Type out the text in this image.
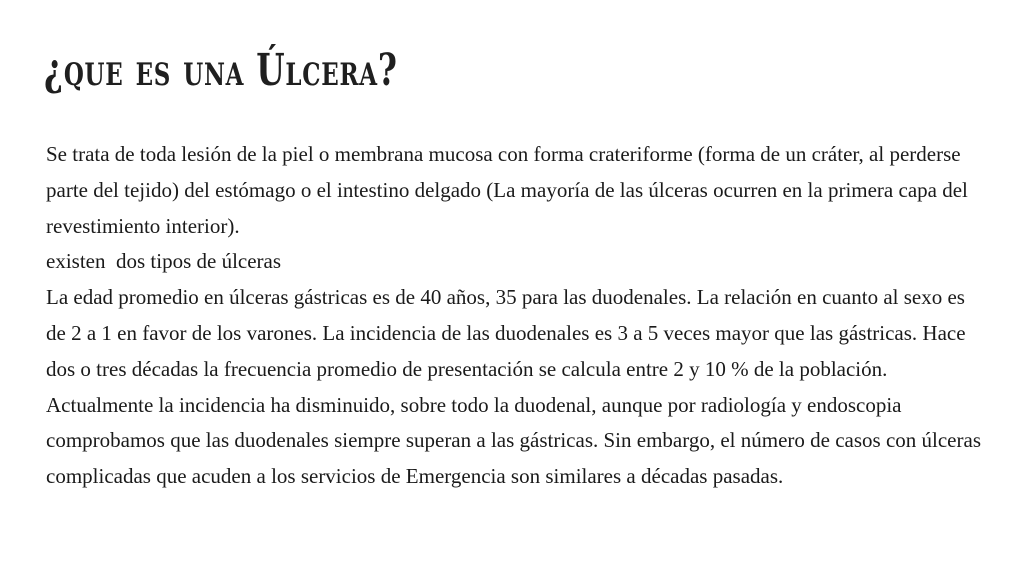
¿que es una Úlcera?

Se trata de toda lesión de la piel o membrana mucosa con forma crateriforme (forma de un cráter, al perderse parte del tejido) del estómago o el intestino delgado (La mayoría de las úlceras ocurren en la primera capa del revestimiento interior).

existen  dos tipos de úlceras

La edad promedio en úlceras gástricas es de 40 años, 35 para las duodenales. La relación en cuanto al sexo es de 2 a 1 en favor de los varones. La incidencia de las duodenales es 3 a 5 veces mayor que las gástricas. Hace dos o tres décadas la frecuencia promedio de presentación se calcula entre 2 y 10 % de la población. Actualmente la incidencia ha disminuido, sobre todo la duodenal, aunque por radiología y endoscopia comprobamos que las duodenales siempre superan a las gástricas. Sin embargo, el número de casos con úlceras complicadas que acuden a los servicios de Emergencia son similares a décadas pasadas.
